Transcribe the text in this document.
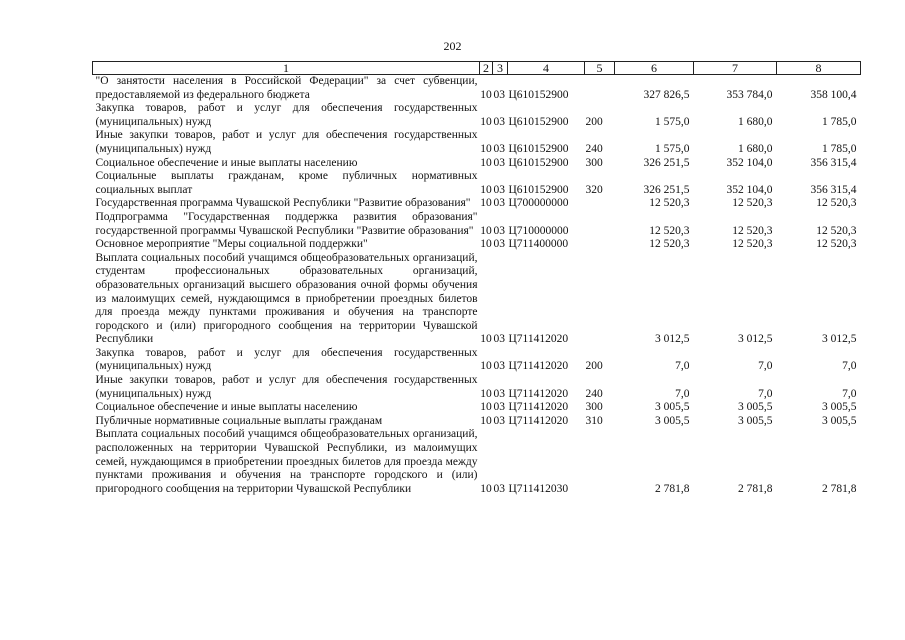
202
1	2	3	4	5	6	7	8
"О занятости населения в Российской Федерации" за счет субвенции, предоставляемой из федерального бюджета	10	03	Ц610152900		327 826,5	353 784,0	358 100,4
Закупка товаров, работ и услуг для обеспечения государственных (муниципальных) нужд	10	03	Ц610152900	200	1 575,0	1 680,0	1 785,0
Иные закупки товаров, работ и услуг для обеспечения государственных (муниципальных) нужд	10	03	Ц610152900	240	1 575,0	1 680,0	1 785,0
Социальное обеспечение и иные выплаты населению	10	03	Ц610152900	300	326 251,5	352 104,0	356 315,4
Социальные выплаты гражданам, кроме публичных нормативных социальных выплат	10	03	Ц610152900	320	326 251,5	352 104,0	356 315,4
Государственная программа Чувашской Республики "Развитие образования"	10	03	Ц700000000		12 520,3	12 520,3	12 520,3
Подпрограмма "Государственная поддержка развития образования" государственной программы Чувашской Республики "Развитие образования"	10	03	Ц710000000		12 520,3	12 520,3	12 520,3
Основное мероприятие "Меры социальной поддержки"	10	03	Ц711400000		12 520,3	12 520,3	12 520,3
Выплата социальных пособий учащимся общеобразовательных организаций, студентам профессиональных образовательных организаций, образовательных организаций высшего образования очной формы обучения из малоимущих семей, нуждающимся в приобретении проездных билетов для проезда между пунктами проживания и обучения на транспорте городского и (или) пригородного сообщения на территории Чувашской Республики	10	03	Ц711412020		3 012,5	3 012,5	3 012,5
Закупка товаров, работ и услуг для обеспечения государственных (муниципальных) нужд	10	03	Ц711412020	200	7,0	7,0	7,0
Иные закупки товаров, работ и услуг для обеспечения государственных (муниципальных) нужд	10	03	Ц711412020	240	7,0	7,0	7,0
Социальное обеспечение и иные выплаты населению	10	03	Ц711412020	300	3 005,5	3 005,5	3 005,5
Публичные нормативные социальные выплаты гражданам	10	03	Ц711412020	310	3 005,5	3 005,5	3 005,5
Выплата социальных пособий учащимся общеобразовательных организаций, расположенных на территории Чувашской Республики, из малоимущих семей, нуждающимся в приобретении проездных билетов для проезда между пунктами проживания и обучения на транспорте городского и (или) пригородного сообщения на территории Чувашской Республики	10	03	Ц711412030		2 781,8	2 781,8	2 781,8
